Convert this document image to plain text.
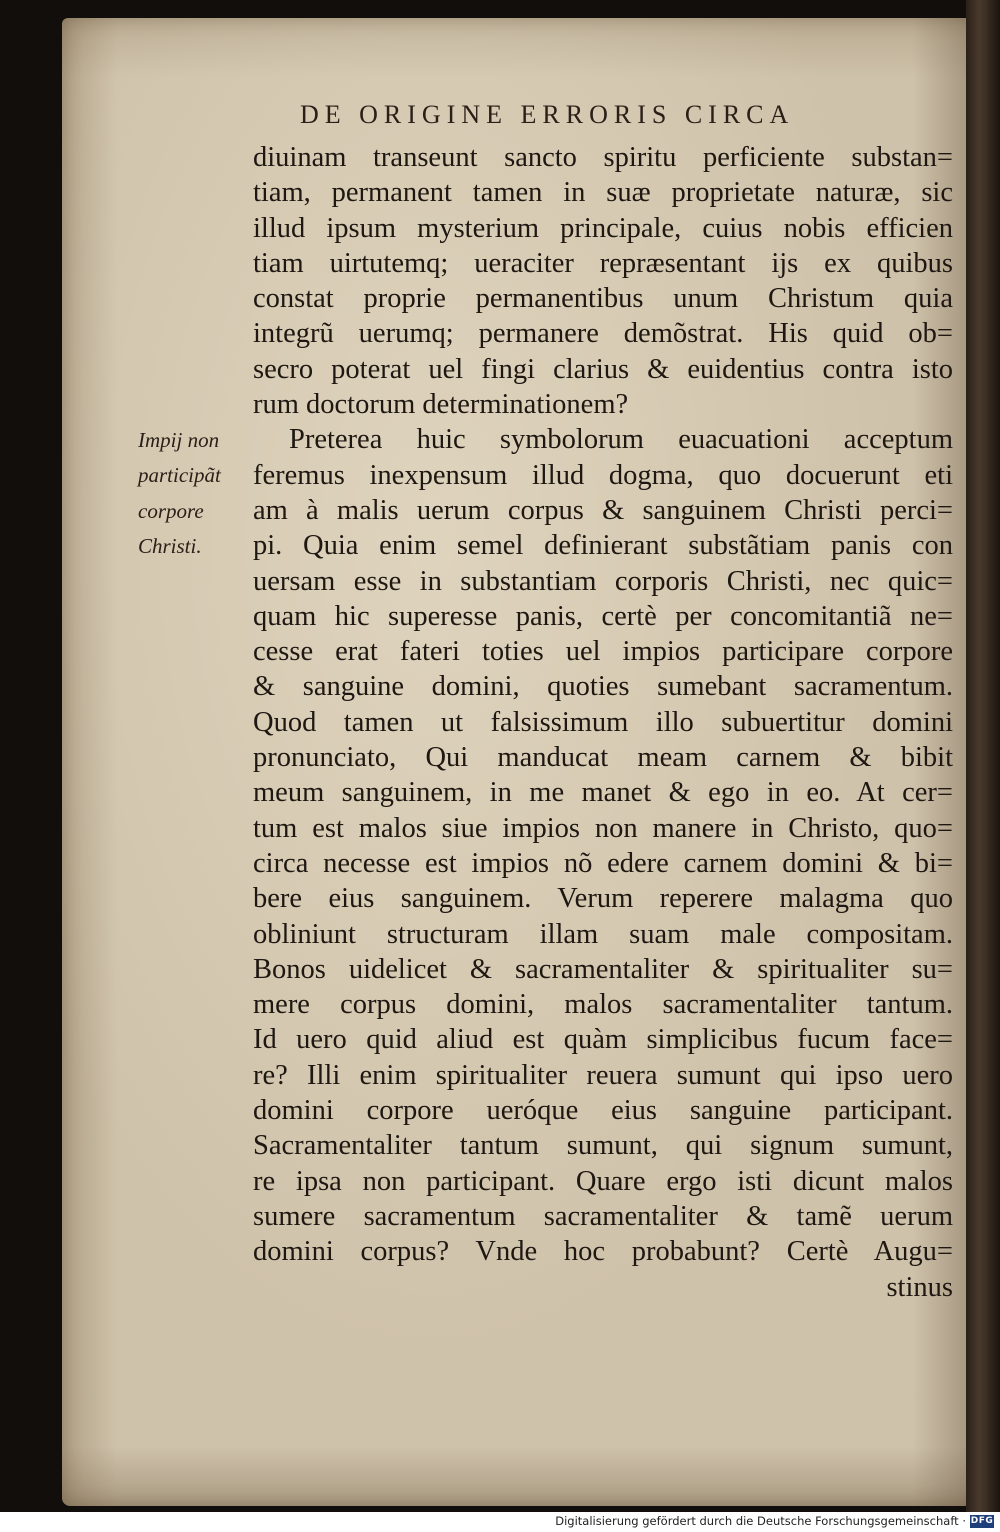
DE ORIGINE ERRORIS CIRCA
Impij non
participãt
corpore
Christi.
diuinam transeunt sancto spiritu perficiente substan=
tiam, permanent tamen in suæ proprietate naturæ, sic
illud ipsum mysterium principale, cuius nobis efficien
tiam uirtutemq; ueraciter repræsentant ijs ex quibus
constat proprie permanentibus unum Christum quia
integrũ uerumq; permanere demõstrat. His quid ob=
secro poterat uel fingi clarius & euidentius contra isto
rum doctorum determinationem?
Preterea huic symbolorum euacuationi acceptum
feremus inexpensum illud dogma, quo docuerunt eti
am à malis uerum corpus & sanguinem Christi perci=
pi. Quia enim semel definierant substãtiam panis con
uersam esse in substantiam corporis Christi, nec quic=
quam hic superesse panis, certè per concomitantiã ne=
cesse erat fateri toties uel impios participare corpore
& sanguine domini, quoties sumebant sacramentum.
Quod tamen ut falsissimum illo subuertitur domini
pronunciato, Qui manducat meam carnem & bibit
meum sanguinem, in me manet & ego in eo. At cer=
tum est malos siue impios non manere in Christo, quo=
circa necesse est impios nõ edere carnem domini & bi=
bere eius sanguinem. Verum reperere malagma quo
obliniunt structuram illam suam male compositam.
Bonos uidelicet & sacramentaliter & spiritualiter su=
mere corpus domini, malos sacramentaliter tantum.
Id uero quid aliud est quàm simplicibus fucum face=
re? Illi enim spiritualiter reuera sumunt qui ipso uero
domini corpore ueróque eius sanguine participant.
Sacramentaliter tantum sumunt, qui signum sumunt,
re ipsa non participant. Quare ergo isti dicunt malos
sumere sacramentum sacramentaliter & tamẽ uerum
domini corpus? Vnde hoc probabunt? Certè Augu=
stinus
Digitalisierung gefördert durch die Deutsche Forschungsgemeinschaft · DFG
